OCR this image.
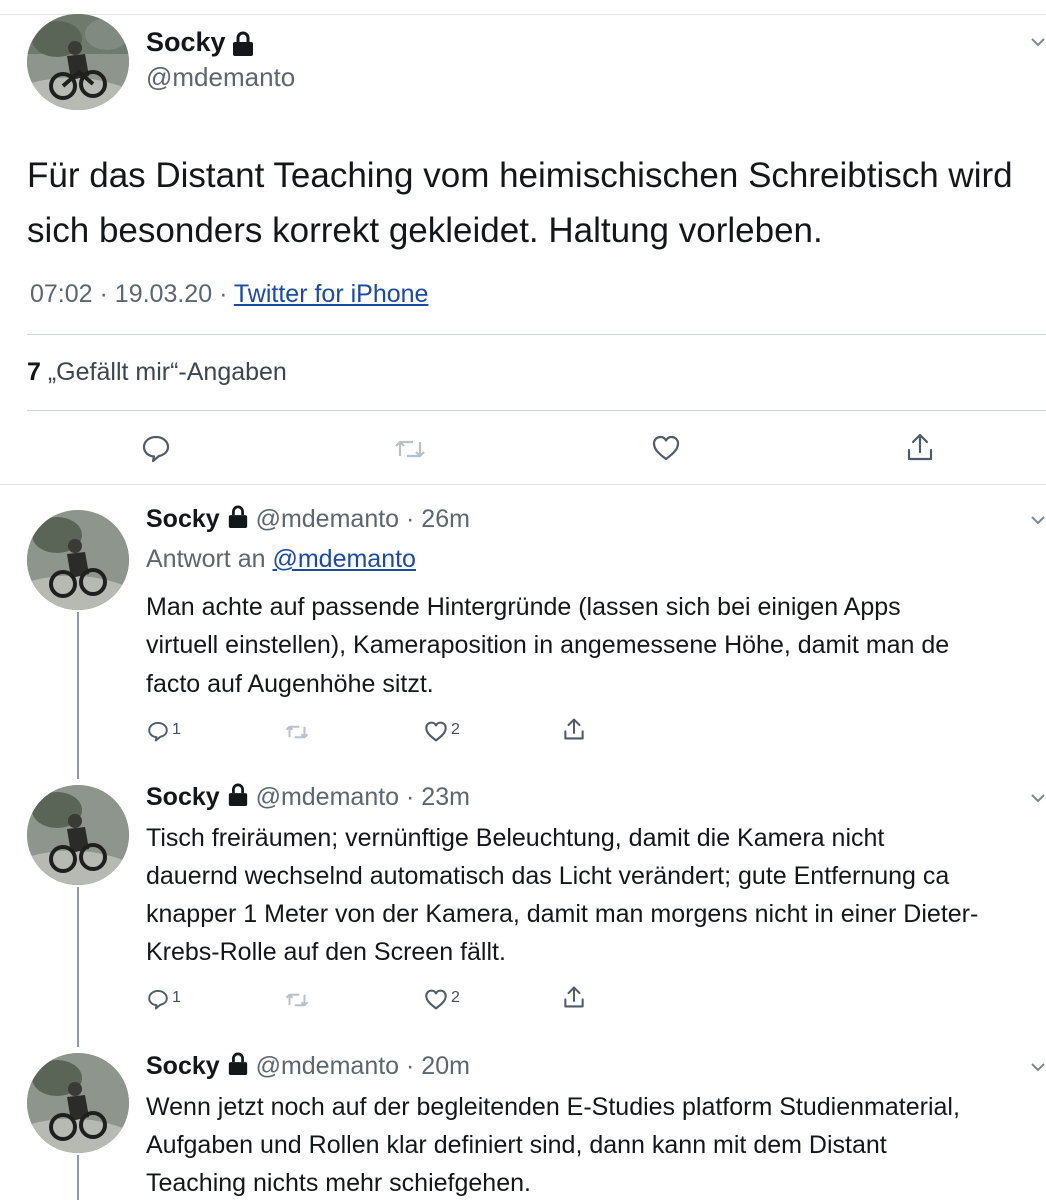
Socky
@mdemanto
Für das Distant Teaching vom heimischischen Schreibtisch wird
sich besonders korrekt gekleidet. Haltung vorleben.
07:02 · 19.03.20 · Twitter for iPhone
7 „Gefällt mir“-Angaben
Socky @mdemanto · 26m
Antwort an @mdemanto
Man achte auf passende Hintergründe (lassen sich bei einigen Apps
virtuell einstellen), Kameraposition in angemessene Höhe, damit man de
facto auf Augenhöhe sitzt.
1	2
Socky @mdemanto · 23m
Tisch freiräumen; vernünftige Beleuchtung, damit die Kamera nicht
dauernd wechselnd automatisch das Licht verändert; gute Entfernung ca
knapper 1 Meter von der Kamera, damit man morgens nicht in einer Dieter-
Krebs-Rolle auf den Screen fällt.
1	2
Socky @mdemanto · 20m
Wenn jetzt noch auf der begleitenden E-Studies platform Studienmaterial,
Aufgaben und Rollen klar definiert sind, dann kann mit dem Distant
Teaching nichts mehr schiefgehen.
